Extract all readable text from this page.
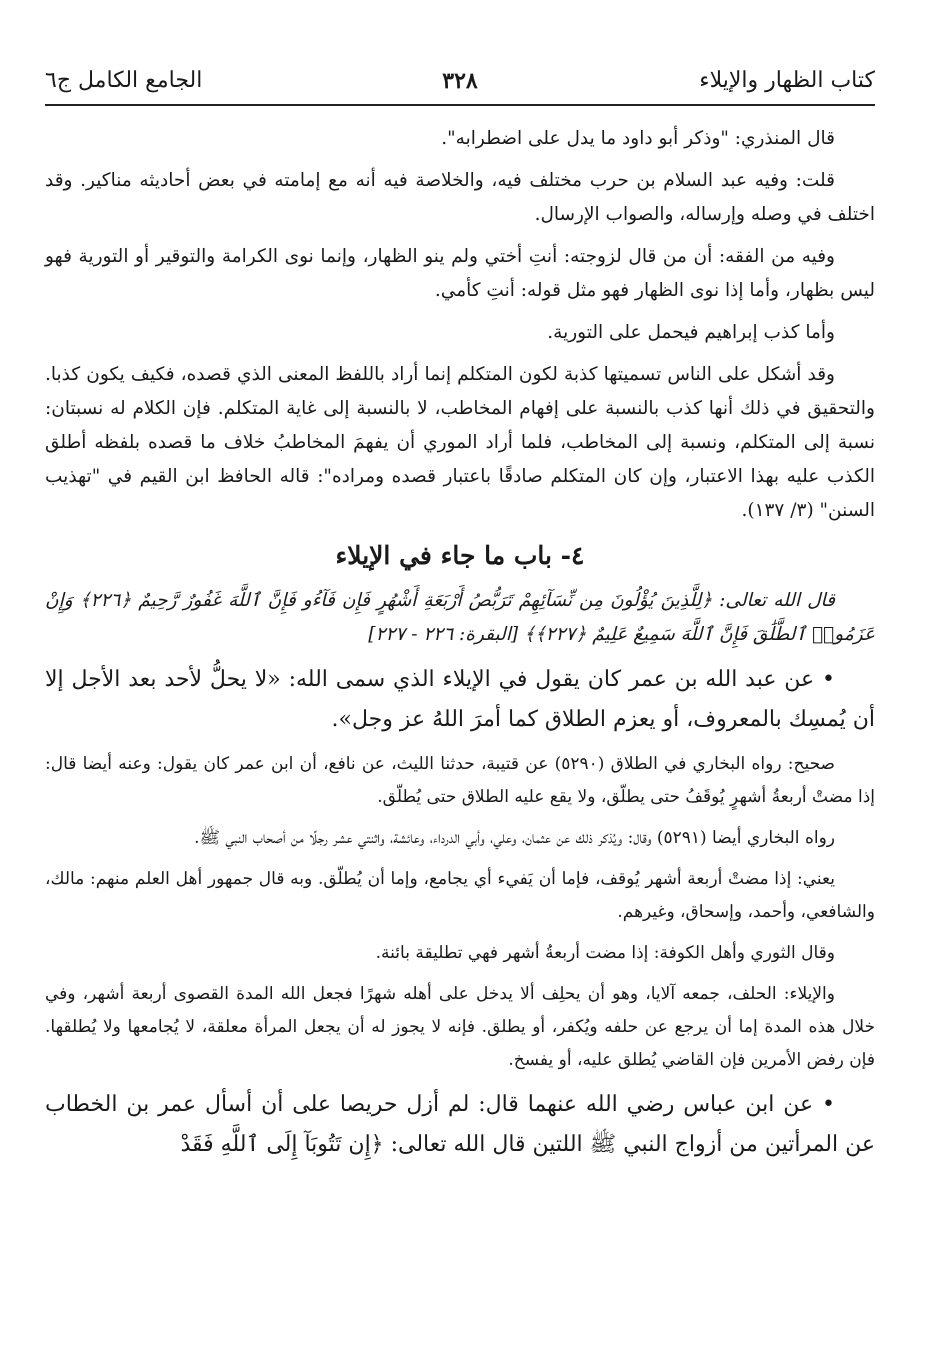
كتاب الظهار والإيلاء
٣٢٨
الجامع الكامل ج٦

قال المنذري: "وذكر أبو داود ما يدل على اضطرابه".

قلت: وفيه عبد السلام بن حرب مختلف فيه، والخلاصة فيه أنه مع إمامته في بعض أحاديثه مناكير. وقد اختلف في وصله وإرساله، والصواب الإرسال.

وفيه من الفقه: أن من قال لزوجته: أنتِ أختي ولم ينو الظهار، وإنما نوى الكرامة والتوقير أو التورية فهو ليس بظهار، وأما إذا نوى الظهار فهو مثل قوله: أنتِ كأمي.

وأما كذب إبراهيم فيحمل على التورية.

وقد أشكل على الناس تسميتها كذبة لكون المتكلم إنما أراد باللفظ المعنى الذي قصده، فكيف يكون كذبا. والتحقيق في ذلك أنها كذب بالنسبة على إفهام المخاطب، لا بالنسبة إلى غاية المتكلم. فإن الكلام له نسبتان: نسبة إلى المتكلم، ونسبة إلى المخاطب، فلما أراد الموري أن يفهمَ المخاطبُ خلاف ما قصده بلفظه أطلق الكذب عليه بهذا الاعتبار، وإن كان المتكلم صادقًا باعتبار قصده ومراده": قاله الحافظ ابن القيم في "تهذيب السنن" (٣/ ١٣٧).

٤- باب ما جاء في الإيلاء

قال الله تعالى: ﴿لِلَّذِينَ يُؤْلُونَ مِن نِّسَآئِهِمْ تَرَبُّصُ أَرْبَعَةِ أَشْهُرٍ فَإِن فَآءُو فَإِنَّ ٱللَّهَ غَفُورٌ رَّحِيمٌ ﴿٢٢٦﴾ وَإِنْ عَزَمُوا۟ ٱلطَّلَٰقَ فَإِنَّ ٱللَّهَ سَمِيعٌ عَلِيمٌ ﴿٢٢٧﴾﴾ [البقرة: ٢٢٦ - ٢٢٧]

• عن عبد الله بن عمر كان يقول في الإيلاء الذي سمى الله: «لا يحلُّ لأحد بعد الأجل إلا أن يُمسِك بالمعروف، أو يعزم الطلاق كما أمرَ اللهُ عز وجل».

صحيح: رواه البخاري في الطلاق (٥٢٩٠) عن قتيبة، حدثنا الليث، عن نافع، أن ابن عمر كان يقول: وعنه أيضا قال: إذا مضتْ أربعةُ أشهرٍ يُوقَفُ حتى يطلّق، ولا يقع عليه الطلاق حتى يُطلّق.

رواه البخاري أيضا (٥٢٩١) وقال: ويُذكر ذلك عن عثمان، وعلي، وأبي الدرداء، وعائشة، واثنتي عشر رجلًا من أصحاب النبي ﷺ.

يعني: إذا مضتْ أربعة أشهر يُوقف، فإما أن يَفيء أي يجامع، وإما أن يُطلّق. وبه قال جمهور أهل العلم منهم: مالك، والشافعي، وأحمد، وإسحاق، وغيرهم.

وقال الثوري وأهل الكوفة: إذا مضت أربعةُ أشهر فهي تطليقة بائنة.

والإيلاء: الحلف، جمعه آلايا، وهو أن يحلِف ألا يدخل على أهله شهرًا فجعل الله المدة القصوى أربعة أشهر، وفي خلال هذه المدة إما أن يرجع عن حلفه ويُكفر، أو يطلق. فإنه لا يجوز له أن يجعل المرأة معلقة، لا يُجامعها ولا يُطلقها. فإن رفض الأمرين فإن القاضي يُطلق عليه، أو يفسخ.

• عن ابن عباس رضي الله عنهما قال: لم أزل حريصا على أن أسأل عمر بن الخطاب عن المرأتين من أزواج النبي ﷺ اللتين قال الله تعالى: ﴿إِن تَتُوبَآ إِلَى ٱللَّهِ فَقَدْ
